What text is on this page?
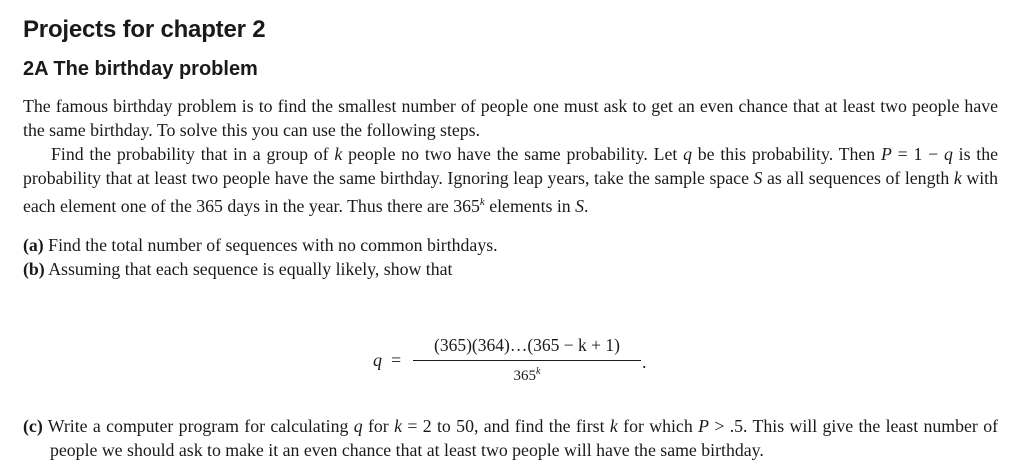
Projects for chapter 2
2A The birthday problem

The famous birthday problem is to find the smallest number of people one must ask to get an even chance that at least two people have the same birthday. To solve this you can use the following steps.

Find the probability that in a group of k people no two have the same probability. Let q be this probability. Then P = 1 − q is the probability that at least two people have the same birthday. Ignoring leap years, take the sample space S as all sequences of length k with each element one of the 365 days in the year. Thus there are 365$^k$ elements in S.

(a) Find the total number of sequences with no common birthdays.

(b) Assuming that each sequence is equally likely, show that

q =
(365)(364)…(365 − k + 1)
365$^k$	.

(c) Write a computer program for calculating q for k = 2 to 50, and find the first k for which P > .5. This will give the least number of people we should ask to make it an even chance that at least two people will have the same birthday.
